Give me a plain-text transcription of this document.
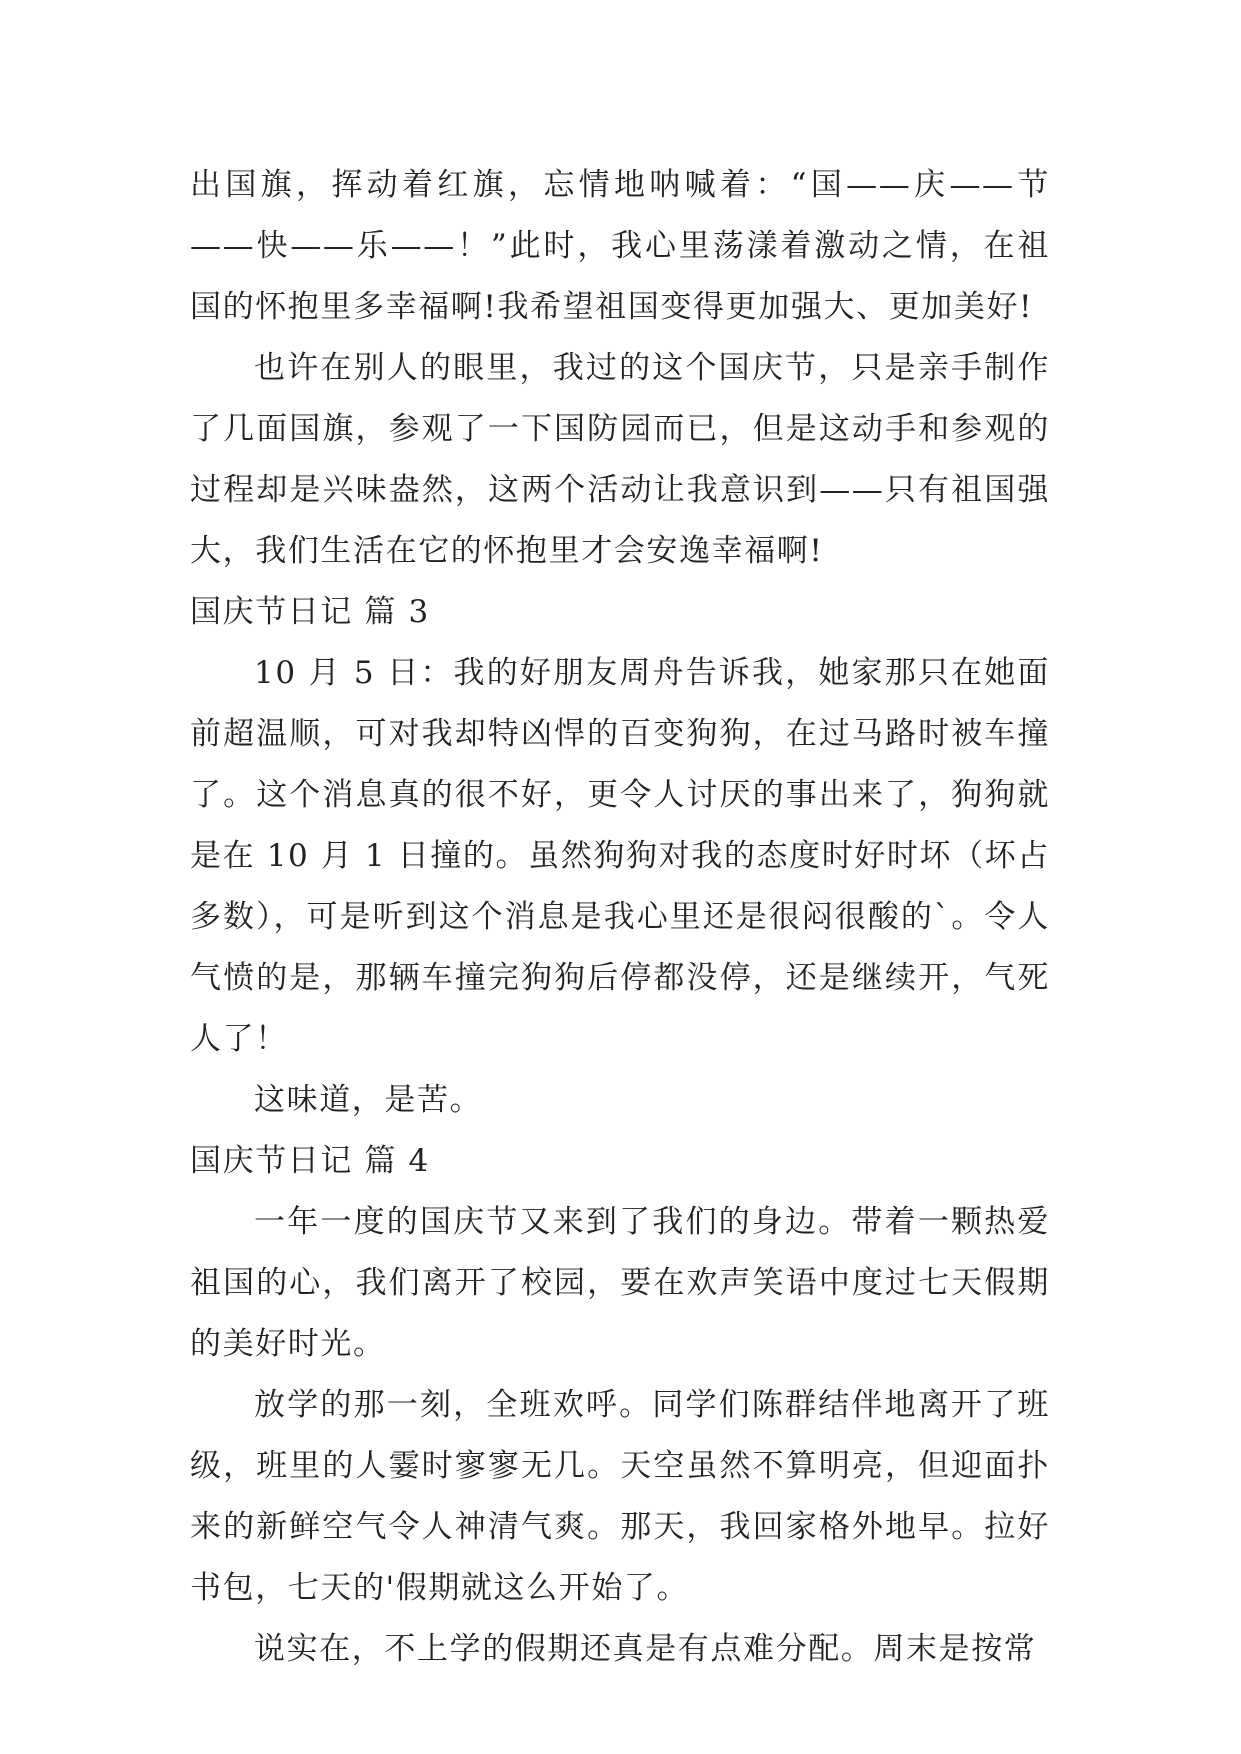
出国旗，挥动着红旗，忘情地呐喊着：“国——庆——节——快——乐——！”此时，我心里荡漾着激动之情，在祖国的怀抱里多幸福啊!我希望祖国变得更加强大、更加美好!

也许在别人的眼里，我过的这个国庆节，只是亲手制作了几面国旗，参观了一下国防园而已，但是这动手和参观的过程却是兴味盎然，这两个活动让我意识到——只有祖国强大，我们生活在它的怀抱里才会安逸幸福啊!

国庆节日记 篇 3

10 月 5 日：我的好朋友周舟告诉我，她家那只在她面前超温顺，可对我却特凶悍的百变狗狗，在过马路时被车撞了。这个消息真的很不好，更令人讨厌的事出来了，狗狗就是在 10 月 1 日撞的。虽然狗狗对我的态度时好时坏（坏占多数），可是听到这个消息是我心里还是很闷很酸的`。令人气愤的是，那辆车撞完狗狗后停都没停，还是继续开，气死人了！

这味道，是苦。

国庆节日记 篇 4

一年一度的国庆节又来到了我们的身边。带着一颗热爱祖国的心，我们离开了校园，要在欢声笑语中度过七天假期的美好时光。

放学的那一刻，全班欢呼。同学们陈群结伴地离开了班级，班里的人霎时寥寥无几。天空虽然不算明亮，但迎面扑来的新鲜空气令人神清气爽。那天，我回家格外地早。拉好书包，七天的'假期就这么开始了。

说实在，不上学的假期还真是有点难分配。周末是按常
